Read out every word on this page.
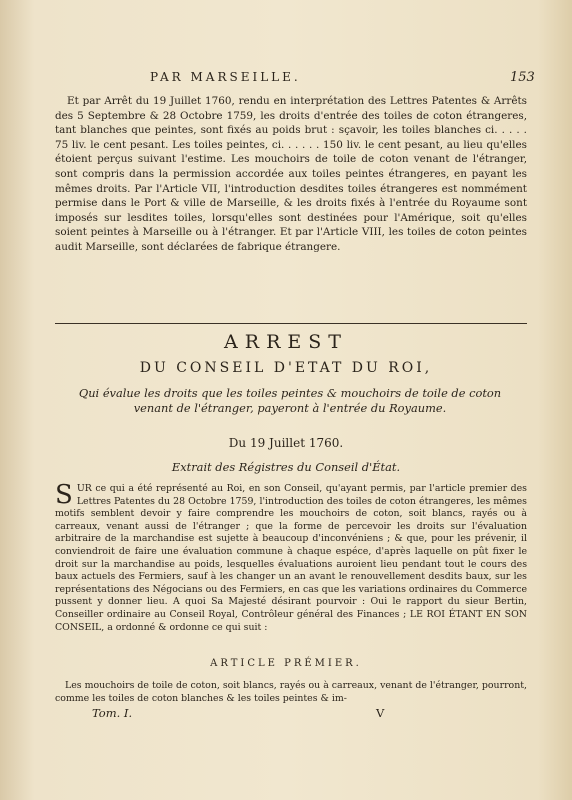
PAR MARSEILLE.	153

Et par Arrêt du 19 Juillet 1760, rendu en interprétation des Lettres Patentes & Arrêts des 5 Septembre & 28 Octobre 1759, les droits d'entrée des toiles de coton étrangeres, tant blanches que peintes, sont fixés au poids brut : sçavoir, les toiles blanches ci. . . . . 75 liv. le cent pesant. Les toiles peintes, ci. . . . . . 150 liv. le cent pesant, au lieu qu'elles étoient perçus suivant l'estime. Les mouchoirs de toile de coton venant de l'étranger, sont compris dans la permission accordée aux toiles peintes étrangeres, en payant les mêmes droits. Par l'Article VII, l'introduction desdites toiles étrangeres est nommément permise dans le Port & ville de Marseille, & les droits fixés à l'entrée du Royaume sont imposés sur lesdites toiles, lorsqu'elles sont destinées pour l'Amérique, soit qu'elles soient peintes à Marseille ou à l'étranger. Et par l'Article VIII, les toiles de coton peintes audit Marseille, sont déclarées de fabrique étrangere.

ARREST
DU CONSEIL D'ETAT DU ROI,
Qui évalue les droits que les toiles peintes & mouchoirs de toile de coton venant de l'étranger, payeront à l'entrée du Royaume.
Du 19 Juillet 1760.
Extrait des Régistres du Conseil d'État.

SUR ce qui a été représenté au Roi, en son Conseil, qu'ayant permis, par l'article premier des Lettres Patentes du 28 Octobre 1759, l'introduction des toiles de coton étrangeres, les mêmes motifs semblent devoir y faire comprendre les mouchoirs de coton, soit blancs, rayés ou à carreaux, venant aussi de l'étranger ; que la forme de percevoir les droits sur l'évaluation arbitraire de la marchandise est sujette à beaucoup d'inconvéniens ; & que, pour les prévenir, il conviendroit de faire une évaluation commune à chaque espéce, d'après laquelle on pût fixer le droit sur la marchandise au poids, lesquelles évaluations auroient lieu pendant tout le cours des baux actuels des Fermiers, sauf à les changer un an avant le renouvellement desdits baux, sur les représentations des Négocians ou des Fermiers, en cas que les variations ordinaires du Commerce pussent y donner lieu. A quoi Sa Majesté désirant pourvoir : Oui le rapport du sieur Bertin, Conseiller ordinaire au Conseil Royal, Contrôleur général des Finances ; LE ROI ÉTANT EN SON CONSEIL, a ordonné & ordonne ce qui suit :

ARTICLE PRÉMIER.

Les mouchoirs de toile de coton, soit blancs, rayés ou à carreaux, venant de l'étranger, pourront, comme les toiles de coton blanches & les toiles peintes & im-

Tom. I.	V
